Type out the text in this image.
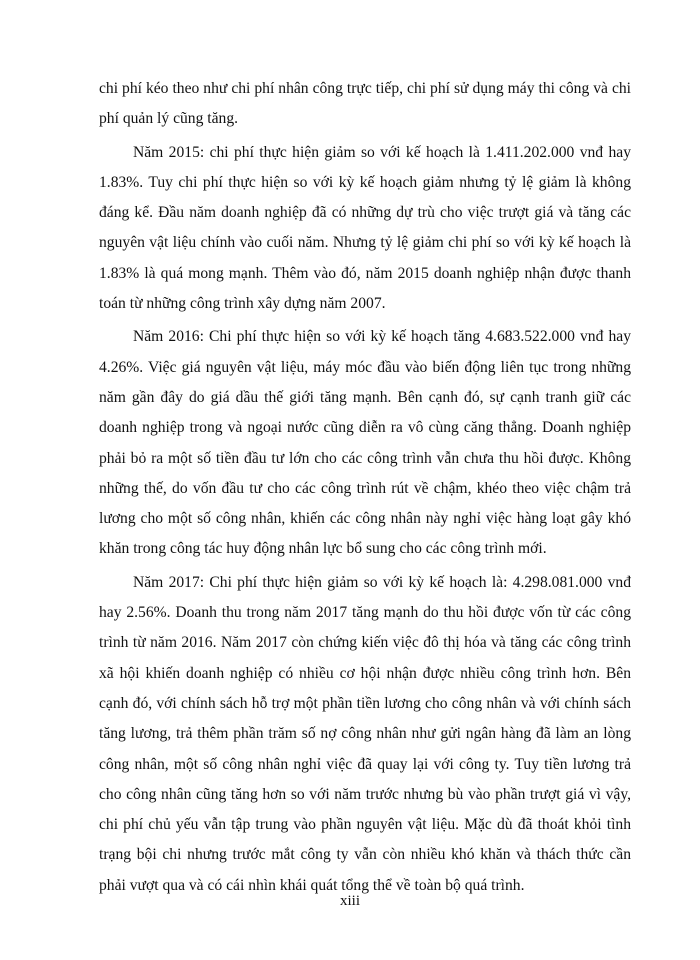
chi phí kéo theo như chi phí nhân công trực tiếp, chi phí sử dụng máy thi công và chi phí quản lý cũng tăng.

Năm 2015: chi phí thực hiện giảm so với kế hoạch là 1.411.202.000 vnđ hay 1.83%. Tuy chi phí thực hiện so với kỳ kế hoạch giảm nhưng tỷ lệ giảm là không đáng kể. Đầu năm doanh nghiệp đã có những dự trù cho việc trượt giá và tăng các nguyên vật liệu chính vào cuối năm. Nhưng tỷ lệ giảm chi phí so với kỳ kế hoạch là 1.83% là quá mong mạnh. Thêm vào đó, năm 2015 doanh nghiệp nhận được thanh toán từ những công trình xây dựng năm 2007.

Năm 2016: Chi phí thực hiện so với kỳ kế hoạch tăng 4.683.522.000 vnđ hay 4.26%. Việc giá nguyên vật liệu, máy móc đầu vào biến động liên tục trong những năm gần đây do giá dầu thế giới tăng mạnh. Bên cạnh đó, sự cạnh tranh giữ các doanh nghiệp trong và ngoại nước cũng diễn ra vô cùng căng thẳng. Doanh nghiệp phải bỏ ra một số tiền đầu tư lớn cho các công trình vẫn chưa thu hồi được. Không những thế, do vốn đầu tư cho các công trình rút về chậm, khéo theo việc chậm trả lương cho một số công nhân, khiến các công nhân này nghỉ việc hàng loạt gây khó khăn trong công tác huy động nhân lực bổ sung cho các công trình mới.

Năm 2017: Chi phí thực hiện giảm so với kỳ kế hoạch là: 4.298.081.000 vnđ hay 2.56%. Doanh thu trong năm 2017 tăng mạnh do thu hồi được vốn từ các công trình từ năm 2016. Năm 2017 còn chứng kiến việc đô thị hóa và tăng các công trình xã hội khiến doanh nghiệp có nhiều cơ hội nhận được nhiều công trình hơn. Bên cạnh đó, với chính sách hỗ trợ một phần tiền lương cho công nhân và với chính sách tăng lương, trả thêm phần trăm số nợ công nhân như gửi ngân hàng đã làm an lòng công nhân, một số công nhân nghỉ việc đã quay lại với công ty. Tuy tiền lương trả cho công nhân cũng tăng hơn so với năm trước nhưng bù vào phần trượt giá vì vậy, chi phí chủ yếu vẫn tập trung vào phần nguyên vật liệu. Mặc dù đã thoát khỏi tình trạng bội chi nhưng trước mắt công ty vẫn còn nhiều khó khăn và thách thức cần phải vượt qua và có cái nhìn khái quát tổng thể về toàn bộ quá trình.

xiii
